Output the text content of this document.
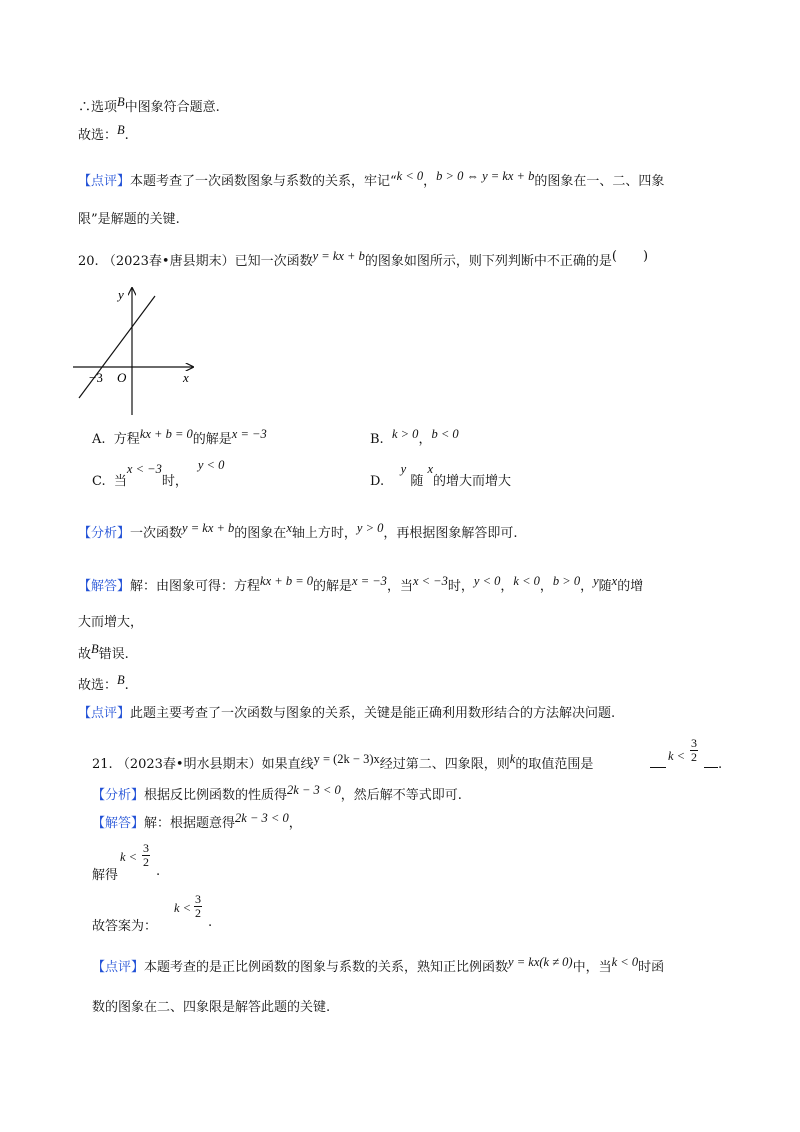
∴选项B中图象符合题意.
故选：B.
【点评】本题考查了一次函数图象与系数的关系，牢记“k < 0，b > 0 ⇔ y = kx + b的图象在一、二、四象
限”是解题的关键.
20. （2023春•唐县期末）已知一次函数y = kx + b的图象如图所示，则下列判断中不正确的是(　　)
y
x
O
−3
A. 方程kx + b = 0的解是x = −3	B. k > 0，b < 0
C. 当x < −3时，y < 0
D.    y 随 x的增大而增大
【分析】一次函数y = kx + b的图象在x轴上方时，y > 0，再根据图象解答即可.
【解答】解：由图象可得：方程kx + b = 0的解是x = −3，当x < −3时，y < 0，k < 0，b > 0，y随x的增
大而增大，
故B错误.
故选：B.
【点评】此题主要考查了一次函数与图象的关系，关键是能正确利用数形结合的方法解决问题.
21. （2023春•明水县期末）如果直线y = (2k − 3)x经过第二、四象限，则k的取值范围是
$k < \frac{3}{2}$
.
【分析】根据反比例函数的性质得2k − 3 < 0，然后解不等式即可.
【解答】解：根据题意得2k − 3 < 0，
解得
$k < \frac{3}{2}$
.
故答案为：
$k < \frac{3}{2}$
.
【点评】本题考查的是正比例函数的图象与系数的关系，熟知正比例函数y = kx(k ≠ 0)中，当k < 0时函
数的图象在二、四象限是解答此题的关键.
